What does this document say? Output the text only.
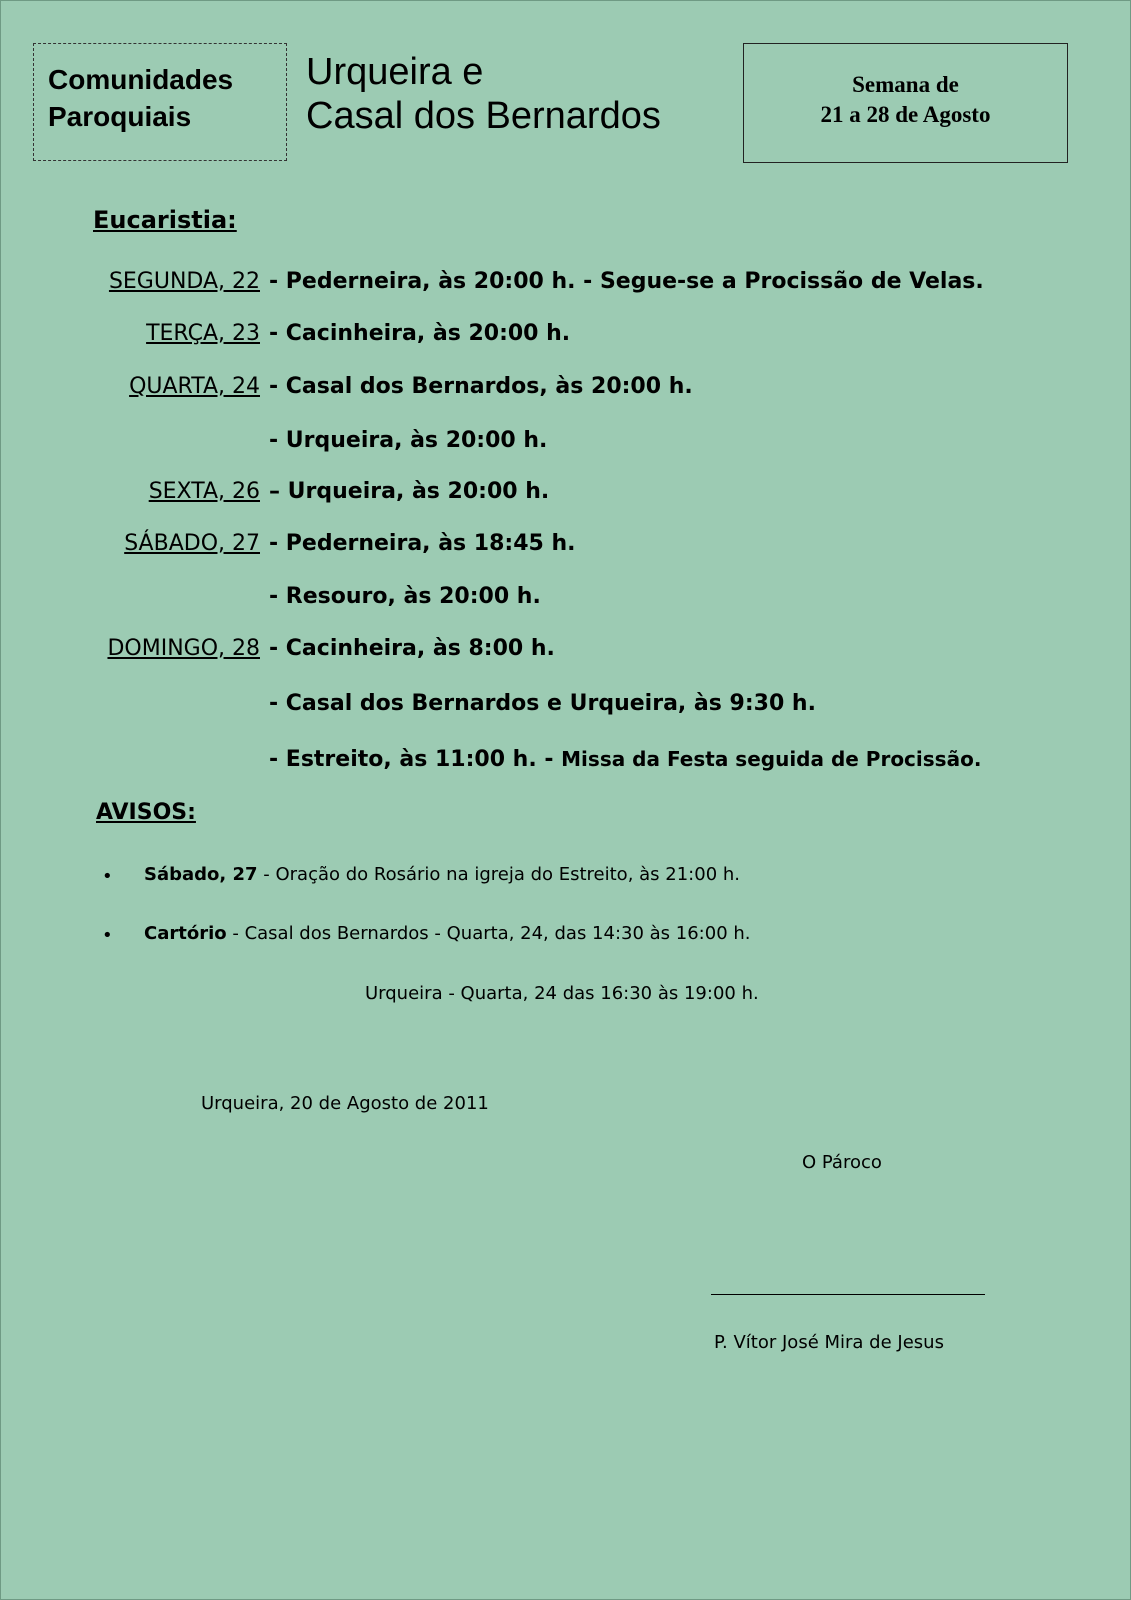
Comunidades
Paroquiais
Urqueira e
Casal dos Bernardos
Semana de
21 a 28 de Agosto
Eucaristia:
SEGUNDA, 22 - Pederneira, às 20:00 h. - Segue-se a Procissão de Velas.
TERÇA, 23 - Cacinheira, às 20:00 h.
QUARTA, 24 - Casal dos Bernardos, às 20:00 h.
- Urqueira, às 20:00 h.
SEXTA, 26 – Urqueira, às 20:00 h.
SÁBADO, 27 - Pederneira, às 18:45 h.
- Resouro, às 20:00 h.
DOMINGO, 28 - Cacinheira, às 8:00 h.
- Casal dos Bernardos e Urqueira, às 9:30 h.
- Estreito, às 11:00 h. - Missa da Festa seguida de Procissão.
AVISOS:
• Sábado, 27 - Oração do Rosário na igreja do Estreito, às 21:00 h.
• Cartório - Casal dos Bernardos - Quarta, 24, das 14:30 às 16:00 h.
Urqueira - Quarta, 24 das 16:30 às 19:00 h.
Urqueira, 20 de Agosto de 2011
O Pároco
P. Vítor José Mira de Jesus
